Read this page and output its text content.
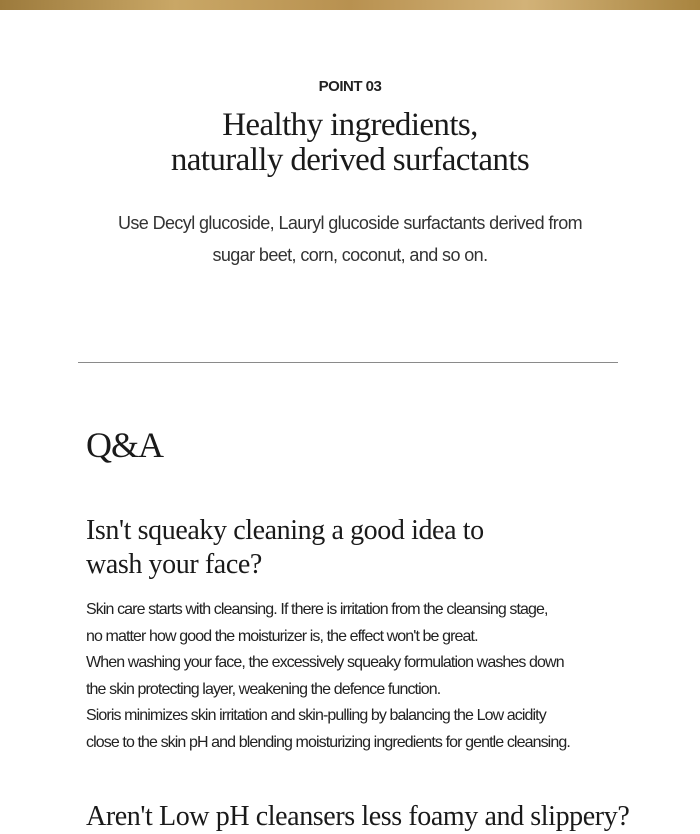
POINT 03
Healthy ingredients,
naturally derived surfactants
Use Decyl glucoside, Lauryl glucoside surfactants derived from
sugar beet, corn, coconut, and so on.
Q&A
Isn't squeaky cleaning a good idea to
wash your face?
Skin care starts with cleansing. If there is irritation from the cleansing stage,
no matter how good the moisturizer is, the effect won't be great.
When washing your face, the excessively squeaky formulation washes down
the skin protecting layer, weakening the defence function.
Sioris minimizes skin irritation and skin-pulling by balancing the Low acidity
close to the skin pH and blending moisturizing ingredients for gentle cleansing.
Aren't Low pH cleansers less foamy and slippery?
